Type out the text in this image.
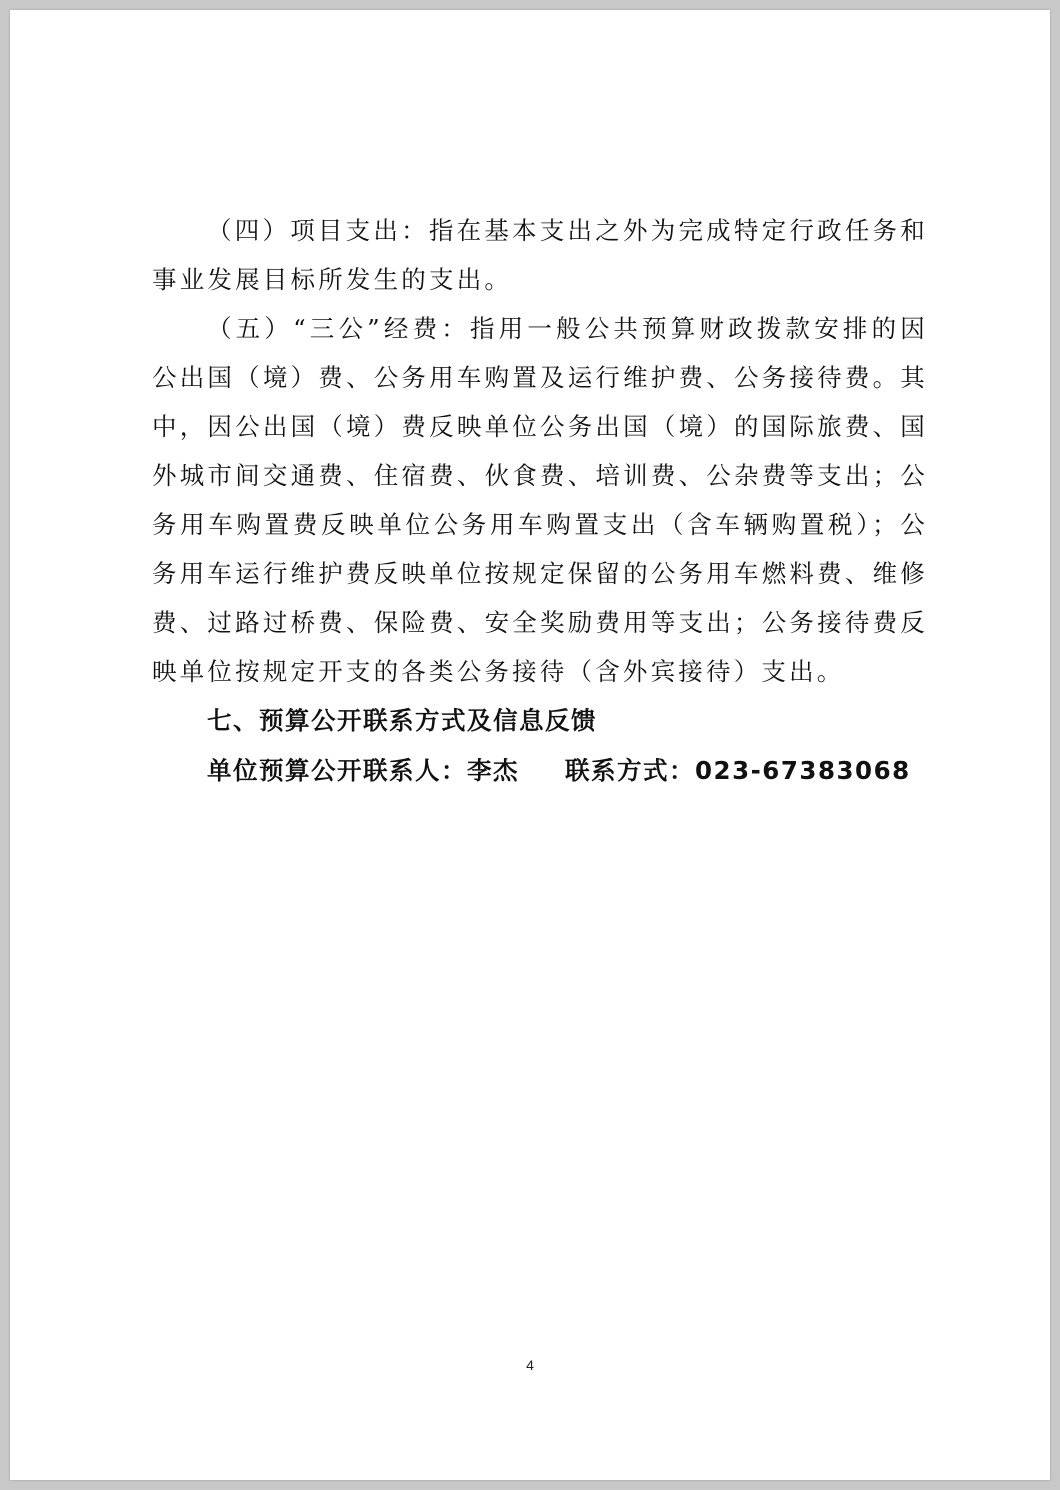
（四）项目支出：指在基本支出之外为完成特定行政任务和事业发展目标所发生的支出。

（五）“三公”经费：指用一般公共预算财政拨款安排的因公出国（境）费、公务用车购置及运行维护费、公务接待费。其中，因公出国（境）费反映单位公务出国（境）的国际旅费、国外城市间交通费、住宿费、伙食费、培训费、公杂费等支出；公务用车购置费反映单位公务用车购置支出（含车辆购置税）；公务用车运行维护费反映单位按规定保留的公务用车燃料费、维修费、过路过桥费、保险费、安全奖励费用等支出；公务接待费反映单位按规定开支的各类公务接待（含外宾接待）支出。

七、预算公开联系方式及信息反馈

单位预算公开联系人：李杰 联系方式：023-67383068

4
